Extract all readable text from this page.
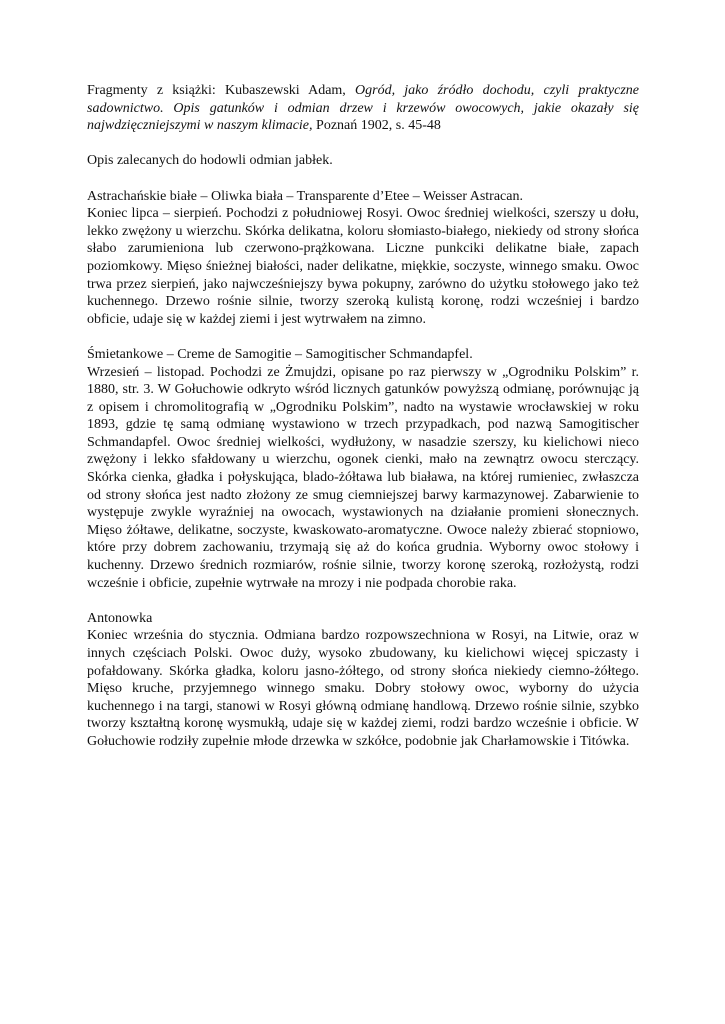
Fragmenty z książki: Kubaszewski Adam, Ogród, jako źródło dochodu, czyli praktyczne sadownictwo. Opis gatunków i odmian drzew i krzewów owocowych, jakie okazały się najwdzięczniejszymi w naszym klimacie, Poznań 1902, s. 45-48

Opis zalecanych do hodowli odmian jabłek.

Astrachańskie białe – Oliwka biała – Transparente d’Etee – Weisser Astracan.

Koniec lipca – sierpień. Pochodzi z południowej Rosyi. Owoc średniej wielkości, szerszy u dołu, lekko zwężony u wierzchu. Skórka delikatna, koloru słomiasto-białego, niekiedy od strony słońca słabo zarumieniona lub czerwono-prążkowana. Liczne punkciki delikatne białe, zapach poziomkowy. Mięso śnieżnej białości, nader delikatne, miękkie, soczyste, winnego smaku. Owoc trwa przez sierpień, jako najwcześniejszy bywa pokupny, zarówno do użytku stołowego jako też kuchennego. Drzewo rośnie silnie, tworzy szeroką kulistą koronę, rodzi wcześniej i bardzo obficie, udaje się w każdej ziemi i jest wytrwałem na zimno.

Śmietankowe – Creme de Samogitie – Samogitischer Schmandapfel.

Wrzesień – listopad. Pochodzi ze Żmujdzi, opisane po raz pierwszy w „Ogrodniku Polskim” r. 1880, str. 3. W Gołuchowie odkryto wśród licznych gatunków powyższą odmianę, porównując ją z opisem i chromolitografią w „Ogrodniku Polskim”, nadto na wystawie wrocławskiej w roku 1893, gdzie tę samą odmianę wystawiono w trzech przypadkach, pod nazwą Samogitischer Schmandapfel. Owoc średniej wielkości, wydłużony, w nasadzie szerszy, ku kielichowi nieco zwężony i lekko sfałdowany u wierzchu, ogonek cienki, mało na zewnątrz owocu sterczący. Skórka cienka, gładka i połyskująca, blado-żółtawa lub biaława, na której rumieniec, zwłaszcza od strony słońca jest nadto złożony ze smug ciemniejszej barwy karmazynowej. Zabarwienie to występuje zwykle wyraźniej na owocach, wystawionych na działanie promieni słonecznych. Mięso żółtawe, delikatne, soczyste, kwaskowato-aromatyczne. Owoce należy zbierać stopniowo, które przy dobrem zachowaniu, trzymają się aż do końca grudnia. Wyborny owoc stołowy i kuchenny. Drzewo średnich rozmiarów, rośnie silnie, tworzy koronę szeroką, rozłożystą, rodzi wcześnie i obficie, zupełnie wytrwałe na mrozy i nie podpada chorobie raka.

Antonowka

Koniec września do stycznia. Odmiana bardzo rozpowszechniona w Rosyi, na Litwie, oraz w innych częściach Polski. Owoc duży, wysoko zbudowany, ku kielichowi więcej spiczasty i pofałdowany. Skórka gładka, koloru jasno-żółtego, od strony słońca niekiedy ciemno-żółtego. Mięso kruche, przyjemnego winnego smaku. Dobry stołowy owoc, wyborny do użycia kuchennego i na targi, stanowi w Rosyi główną odmianę handlową. Drzewo rośnie silnie, szybko tworzy kształtną koronę wysmukłą, udaje się w każdej ziemi, rodzi bardzo wcześnie i obficie. W Gołuchowie rodziły zupełnie młode drzewka w szkółce, podobnie jak Charłamowskie i Titówka.
